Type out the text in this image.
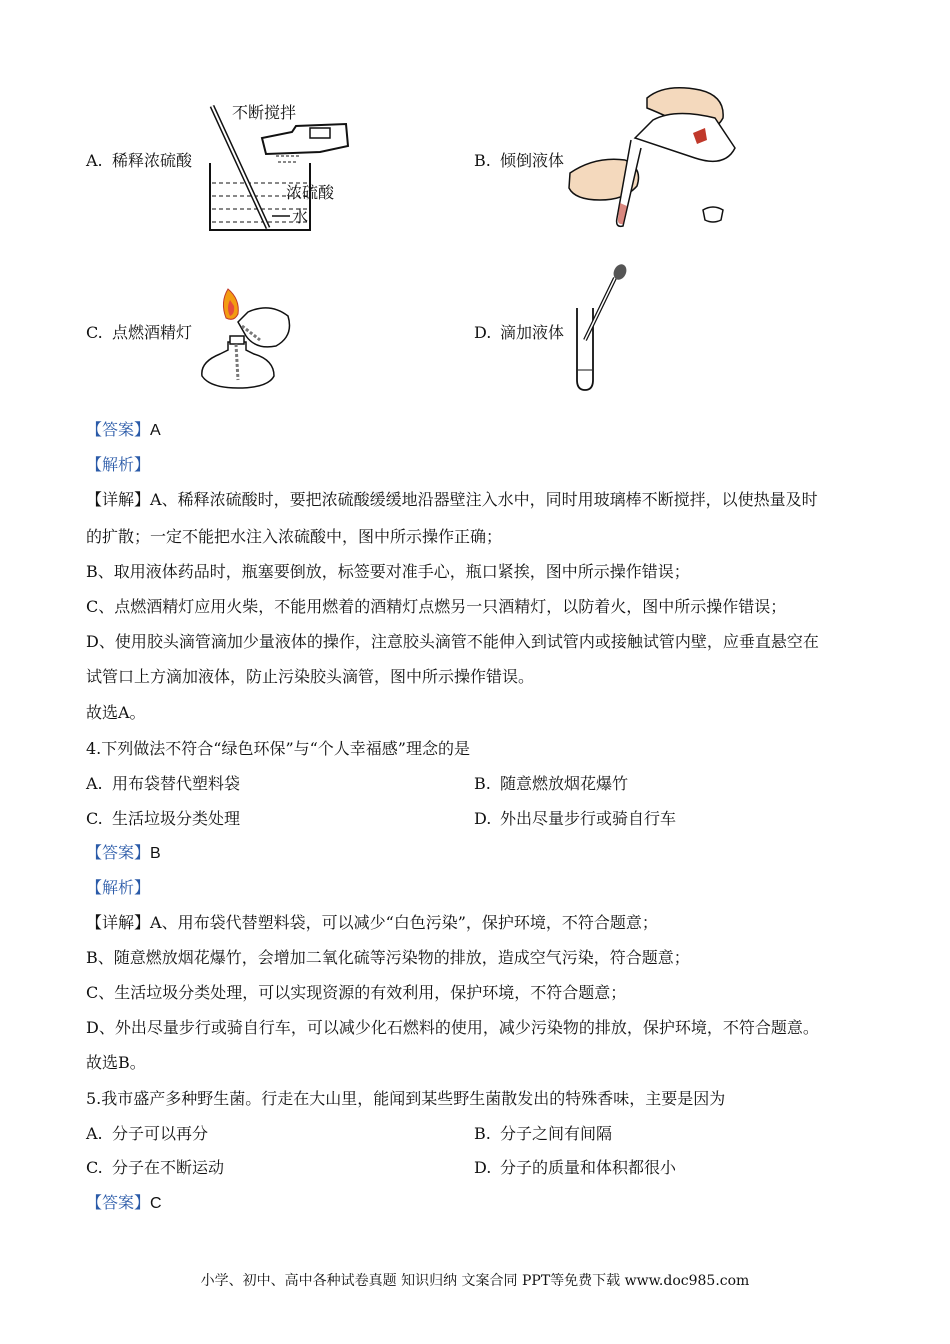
A. 稀释浓硫酸	B. 倾倒液体
C. 点燃酒精灯	D. 滴加液体
不断搅拌
浓硫酸
水
【答案】A
【解析】
【详解】A、稀释浓硫酸时，要把浓硫酸缓缓地沿器壁注入水中，同时用玻璃棒不断搅拌，以使热量及时
的扩散；一定不能把水注入浓硫酸中，图中所示操作正确；
B、取用液体药品时，瓶塞要倒放，标签要对准手心，瓶口紧挨，图中所示操作错误；
C、点燃酒精灯应用火柴，不能用燃着的酒精灯点燃另一只酒精灯，以防着火，图中所示操作错误；
D、使用胶头滴管滴加少量液体的操作，注意胶头滴管不能伸入到试管内或接触试管内壁，应垂直悬空在
试管口上方滴加液体，防止污染胶头滴管，图中所示操作错误。
故选A。
4.下列做法不符合“绿色环保”与“个人幸福感”理念的是
A. 用布袋替代塑料袋	B. 随意燃放烟花爆竹
C. 生活垃圾分类处理	D. 外出尽量步行或骑自行车
【答案】B
【解析】
【详解】A、用布袋代替塑料袋，可以减少“白色污染”，保护环境，不符合题意；
B、随意燃放烟花爆竹，会增加二氧化硫等污染物的排放，造成空气污染，符合题意；
C、生活垃圾分类处理，可以实现资源的有效利用，保护环境，不符合题意；
D、外出尽量步行或骑自行车，可以减少化石燃料的使用，减少污染物的排放，保护环境，不符合题意。
故选B。
5.我市盛产多种野生菌。行走在大山里，能闻到某些野生菌散发出的特殊香味，主要是因为
A. 分子可以再分	B. 分子之间有间隔
C. 分子在不断运动	D. 分子的质量和体积都很小
【答案】C
小学、初中、高中各种试卷真题 知识归纳 文案合同 PPT等免费下载 www.doc985.com
